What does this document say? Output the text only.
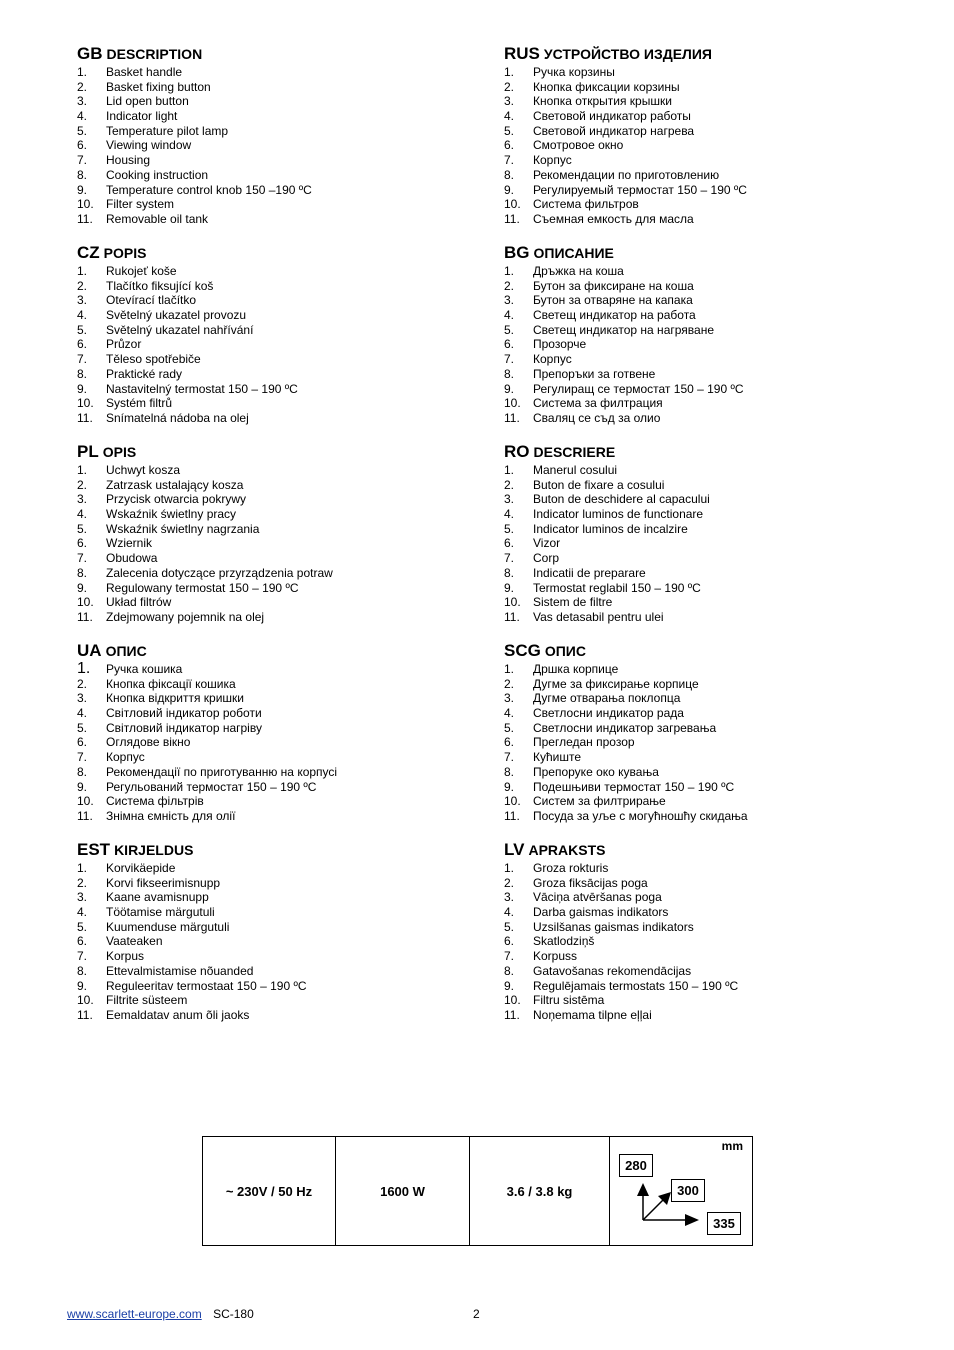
GB DESCRIPTION
1. Basket handle
2. Basket fixing button
3. Lid open button
4. Indicator light
5. Temperature pilot lamp
6. Viewing window
7. Housing
8. Cooking instruction
9. Temperature control knob 150 –190 ºC
10. Filter system
11. Removable oil tank
CZ POPIS
1. Rukojeť koše
2. Tlačítko fiksující koš
3. Otevírací tlačítko
4. Světelný ukazatel provozu
5. Světelný ukazatel nahřívání
6. Průzor
7. Těleso spotřebiče
8. Praktické rady
9. Nastavitelný termostat 150 – 190 ºC
10. Systém filtrů
11. Snímatelná nádoba na olej
PL OPIS
1. Uchwyt kosza
2. Zatrzask ustalający kosza
3. Przycisk otwarcia pokrywy
4. Wskaźnik świetlny pracy
5. Wskaźnik świetlny nagrzania
6. Wziernik
7. Obudowa
8. Zalecenia dotyczące przyrządzenia potraw
9. Regulowany termostat 150 – 190 ºC
10. Układ filtrów
11. Zdejmowany pojemnik na olej
UA ОПИС
1. Ручка кошика
2. Кнопка фіксації кошика
3. Кнопка відкриття кришки
4. Світловий індикатор роботи
5. Світловий індикатор нагріву
6. Оглядове вікно
7. Корпус
8. Рекомендації по приготуванню на корпусі
9. Регульований термостат 150 – 190 ºC
10. Система фільтрів
11. Знімна ємність для олії
EST KIRJELDUS
1. Korvikäepide
2. Korvi fikseerimisnupp
3. Kaane avamisnupp
4. Töötamise märgutuli
5. Kuumenduse märgutuli
6. Vaateaken
7. Korpus
8. Ettevalmistamise nõuanded
9. Reguleeritav termostaat 150 – 190 ºC
10. Filtrite süsteem
11. Eemaldatav anum õli jaoks
RUS УСТРОЙСТВО ИЗДЕЛИЯ
1. Ручка корзины
2. Кнопка фиксации корзины
3. Кнопка открытия крышки
4. Световой индикатор работы
5. Световой индикатор нагрева
6. Смотровое окно
7. Корпус
8. Рекомендации по приготовлению
9. Регулируемый термостат 150 – 190 ºC
10. Система фильтров
11. Съемная емкость для масла
BG ОПИСАНИЕ
1. Дръжка на коша
2. Бутон за фиксиране на коша
3. Бутон за отваряне на капака
4. Светещ индикатор на работа
5. Светещ индикатор на нагряване
6. Прозорче
7. Корпус
8. Препоръки за готвене
9. Регулиращ се термостат 150 – 190 ºC
10. Система за филтрация
11. Сваляц се съд за олио
RO DESCRIERE
1. Manerul cosului
2. Buton de fixare a cosului
3. Buton de deschidere al capacului
4. Indicator luminos de functionare
5. Indicator luminos de incalzire
6. Vizor
7. Corp
8. Indicatii de preparare
9. Termostat reglabil 150 – 190 ºC
10. Sistem de filtre
11. Vas detasabil pentru ulei
SCG ОПИС
1. Дршка корпице
2. Дугме за фиксирање корпице
3. Дугме отварања поклопца
4. Светлосни индикатор рада
5. Светлосни индикатор загревања
6. Прегледан прозор
7. Кућиште
8. Препоруке око кувања
9. Подешњиви термостат 150 – 190 ºC
10. Систем за филтрирање
11. Посуда за уље с могућношћу скидања
LV APRAKSTS
1. Groza rokturis
2. Groza fiksācijas poga
3. Vāciņa atvēršanas poga
4. Darba gaismas indikators
5. Uzsilšanas gaismas indikators
6. Skatlodziņš
7. Korpuss
8. Gatavošanas rekomendācijas
9. Regulējamais termostats 150 – 190 ºC
10. Filtru sistēma
11. Noņemama tilpne eļļai
~ 230V / 50 Hz	1600 W	3.6 / 3.8 kg
mm
280
300
335
www.scarlett-europe.com SC-180	2
